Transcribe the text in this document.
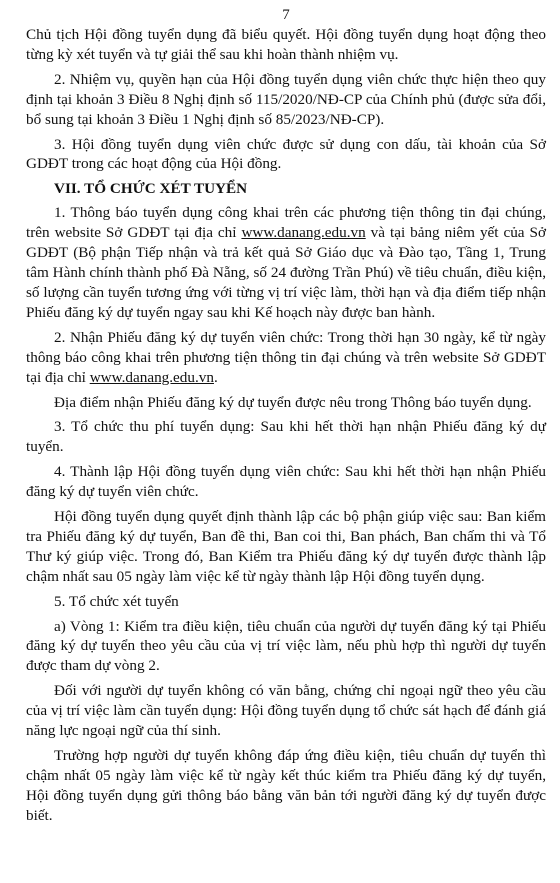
7

Chủ tịch Hội đồng tuyển dụng đã biểu quyết. Hội đồng tuyển dụng hoạt động theo từng kỳ xét tuyển và tự giải thể sau khi hoàn thành nhiệm vụ.

2. Nhiệm vụ, quyền hạn của Hội đồng tuyển dụng viên chức thực hiện theo quy định tại khoản 3 Điều 8 Nghị định số 115/2020/NĐ-CP của Chính phủ (được sửa đổi, bổ sung tại khoản 3 Điều 1 Nghị định số 85/2023/NĐ-CP).

3. Hội đồng tuyển dụng viên chức được sử dụng con dấu, tài khoản của Sở GDĐT trong các hoạt động của Hội đồng.

VII. TỔ CHỨC XÉT TUYỂN

1. Thông báo tuyển dụng công khai trên các phương tiện thông tin đại chúng, trên website Sở GDĐT tại địa chỉ www.danang.edu.vn và tại bảng niêm yết của Sở GDĐT (Bộ phận Tiếp nhận và trả kết quả Sở Giáo dục và Đào tạo, Tầng 1, Trung tâm Hành chính thành phố Đà Nẵng, số 24 đường Trần Phú) về tiêu chuẩn, điều kiện, số lượng cần tuyển tương ứng với từng vị trí việc làm, thời hạn và địa điểm tiếp nhận Phiếu đăng ký dự tuyển ngay sau khi Kế hoạch này được ban hành.

2. Nhận Phiếu đăng ký dự tuyển viên chức: Trong thời hạn 30 ngày, kể từ ngày thông báo công khai trên phương tiện thông tin đại chúng và trên website Sở GDĐT tại địa chỉ www.danang.edu.vn.

Địa điểm nhận Phiếu đăng ký dự tuyển được nêu trong Thông báo tuyển dụng.

3. Tổ chức thu phí tuyển dụng: Sau khi hết thời hạn nhận Phiếu đăng ký dự tuyển.

4. Thành lập Hội đồng tuyển dụng viên chức: Sau khi hết thời hạn nhận Phiếu đăng ký dự tuyển viên chức.

Hội đồng tuyển dụng quyết định thành lập các bộ phận giúp việc sau: Ban kiểm tra Phiếu đăng ký dự tuyển, Ban đề thi, Ban coi thi, Ban phách, Ban chấm thi và Tổ Thư ký giúp việc. Trong đó, Ban Kiểm tra Phiếu đăng ký dự tuyển được thành lập chậm nhất sau 05 ngày làm việc kể từ ngày thành lập Hội đồng tuyển dụng.

5. Tổ chức xét tuyển

a) Vòng 1: Kiểm tra điều kiện, tiêu chuẩn của người dự tuyển đăng ký tại Phiếu đăng ký dự tuyển theo yêu cầu của vị trí việc làm, nếu phù hợp thì người dự tuyển được tham dự vòng 2.

Đối với người dự tuyển không có văn bằng, chứng chỉ ngoại ngữ theo yêu cầu của vị trí việc làm cần tuyển dụng: Hội đồng tuyển dụng tổ chức sát hạch để đánh giá năng lực ngoại ngữ của thí sinh.

Trường hợp người dự tuyển không đáp ứng điều kiện, tiêu chuẩn dự tuyển thì chậm nhất 05 ngày làm việc kể từ ngày kết thúc kiểm tra Phiếu đăng ký dự tuyển, Hội đồng tuyển dụng gửi thông báo bằng văn bản tới người đăng ký dự tuyển được biết.
